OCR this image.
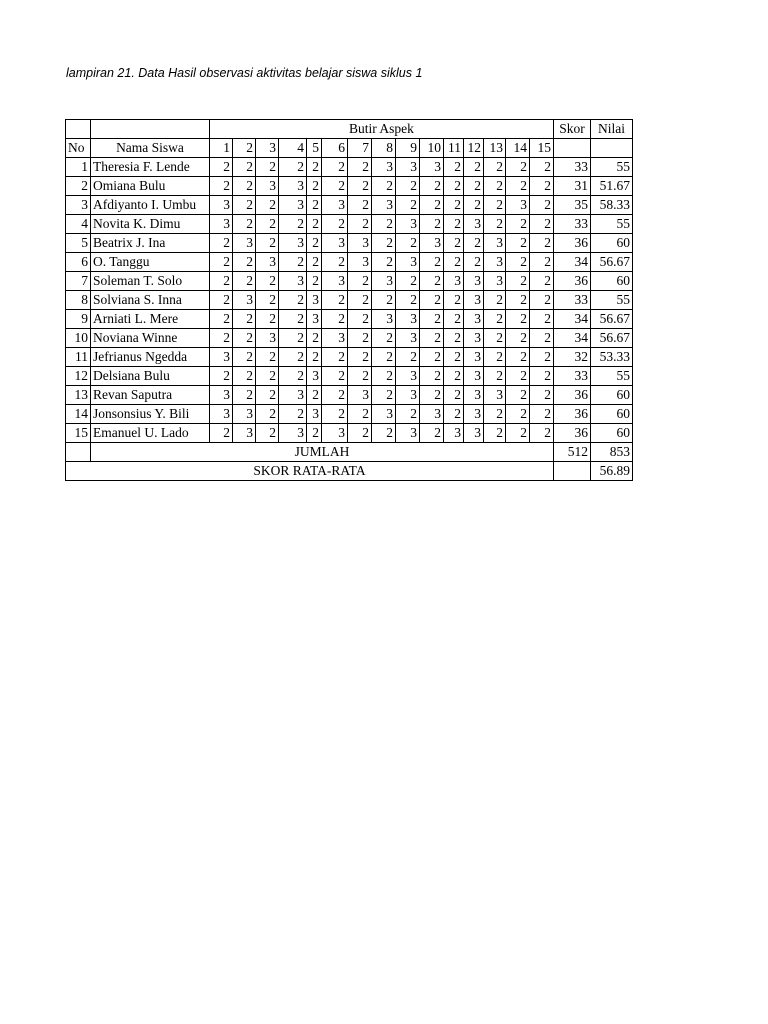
lampiran 21. Data Hasil observasi aktivitas belajar siswa siklus 1
		Butir Aspek															Skor	Nilai
No	Nama Siswa	1	2	3	4	5	6	7	8	9	10	11	12	13	14	15		
1	Theresia F. Lende	2	2	2	2	2	2	2	3	3	3	2	2	2	2	2	33	55
2	Omiana Bulu	2	2	3	3	2	2	2	2	2	2	2	2	2	2	2	31	51.67
3	Afdiyanto I. Umbu	3	2	2	3	2	3	2	3	2	2	2	2	2	3	2	35	58.33
4	Novita K. Dimu	3	2	2	2	2	2	2	2	3	2	2	3	2	2	2	33	55
5	Beatrix J. Ina	2	3	2	3	2	3	3	2	2	3	2	2	3	2	2	36	60
6	O. Tanggu	2	2	3	2	2	2	3	2	3	2	2	2	3	2	2	34	56.67
7	Soleman T. Solo	2	2	2	3	2	3	2	3	2	2	3	3	3	2	2	36	60
8	Solviana S. Inna	2	3	2	2	3	2	2	2	2	2	2	3	2	2	2	33	55
9	Arniati L. Mere	2	2	2	2	3	2	2	3	3	2	2	3	2	2	2	34	56.67
10	Noviana Winne	2	2	3	2	2	3	2	2	3	2	2	3	2	2	2	34	56.67
11	Jefrianus Ngedda	3	2	2	2	2	2	2	2	2	2	2	3	2	2	2	32	53.33
12	Delsiana Bulu	2	2	2	2	3	2	2	2	3	2	2	3	2	2	2	33	55
13	Revan Saputra	3	2	2	3	2	2	3	2	3	2	2	3	3	2	2	36	60
14	Jonsonsius Y. Bili	3	3	2	2	3	2	2	3	2	3	2	3	2	2	2	36	60
15	Emanuel U. Lado	2	3	2	3	2	3	2	2	3	2	3	3	2	2	2	36	60
	JUMLAH																512	853
SKOR RATA-RATA																		56.89
